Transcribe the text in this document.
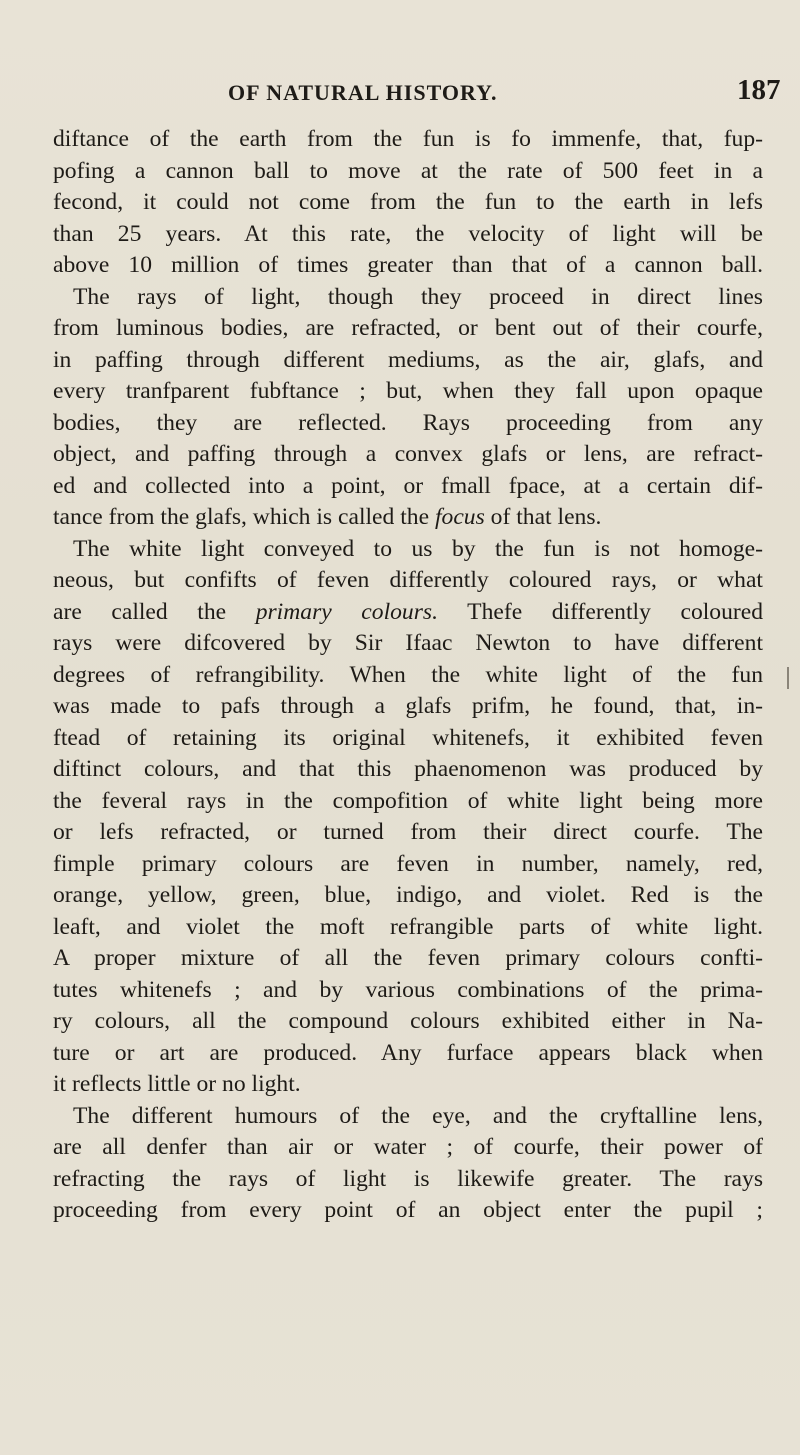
OF NATURAL HISTORY.	187
diftance of the earth from the fun is fo immenfe, that, fup-
pofing a cannon ball to move at the rate of 500 feet in a
fecond, it could not come from the fun to the earth in lefs
than 25 years. At this rate, the velocity of light will be
above 10 million of times greater than that of a cannon ball.
The rays of light, though they proceed in direct lines
from luminous bodies, are refracted, or bent out of their courfe,
in paffing through different mediums, as the air, glafs, and
every tranfparent fubftance ; but, when they fall upon opaque
bodies, they are reflected. Rays proceeding from any
object, and paffing through a convex glafs or lens, are refract-
ed and collected into a point, or fmall fpace, at a certain dif-
tance from the glafs, which is called the focus of that lens.
The white light conveyed to us by the fun is not homoge-
neous, but confifts of feven differently coloured rays, or what
are called the primary colours. Thefe differently coloured
rays were difcovered by Sir Ifaac Newton to have different
degrees of refrangibility. When the white light of the fun
was made to pafs through a glafs prifm, he found, that, in-
ftead of retaining its original whitenefs, it exhibited feven
diftinct colours, and that this phaenomenon was produced by
the feveral rays in the compofition of white light being more
or lefs refracted, or turned from their direct courfe. The
fimple primary colours are feven in number, namely, red,
orange, yellow, green, blue, indigo, and violet. Red is the
leaft, and violet the moft refrangible parts of white light.
A proper mixture of all the feven primary colours confti-
tutes whitenefs ; and by various combinations of the prima-
ry colours, all the compound colours exhibited either in Na-
ture or art are produced. Any furface appears black when
it reflects little or no light.
The different humours of the eye, and the cryftalline lens,
are all denfer than air or water ; of courfe, their power of
refracting the rays of light is likewife greater. The rays
proceeding from every point of an object enter the pupil ;
